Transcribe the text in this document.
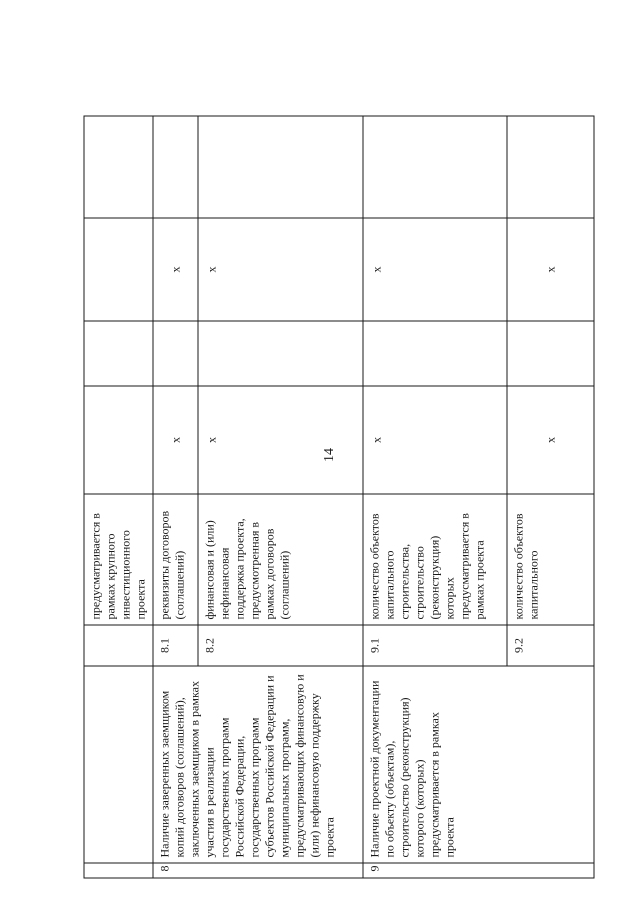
14
			предусматривается в рамках крупного инвестиционного проекта				
8	Наличие заверенных заемщиком копий договоров (соглашений), заключенных заемщиком в рамках участия в реализации государственных программ Российской Федерации, государственных программ субъектов Российской Федерации и муниципальных программ, предусматривающих финансовую и (или) нефинансовую поддержку проекта	8.1	реквизиты договоров (соглашений)	x		x	

		8.2	финансовая и (или) нефинансовая поддержка проекта, предусмотренная в рамках договоров (соглашений)	x		x	

9	Наличие проектной документации по объекту (объектам), строительство (реконструкция) которого (которых) предусматривается в рамках проекта	9.1	количество объектов капитального строительства, строительство (реконструкция) которых предусматривается в рамках проекта	x		x	

		9.2	количество объектов капитального	x		x	
